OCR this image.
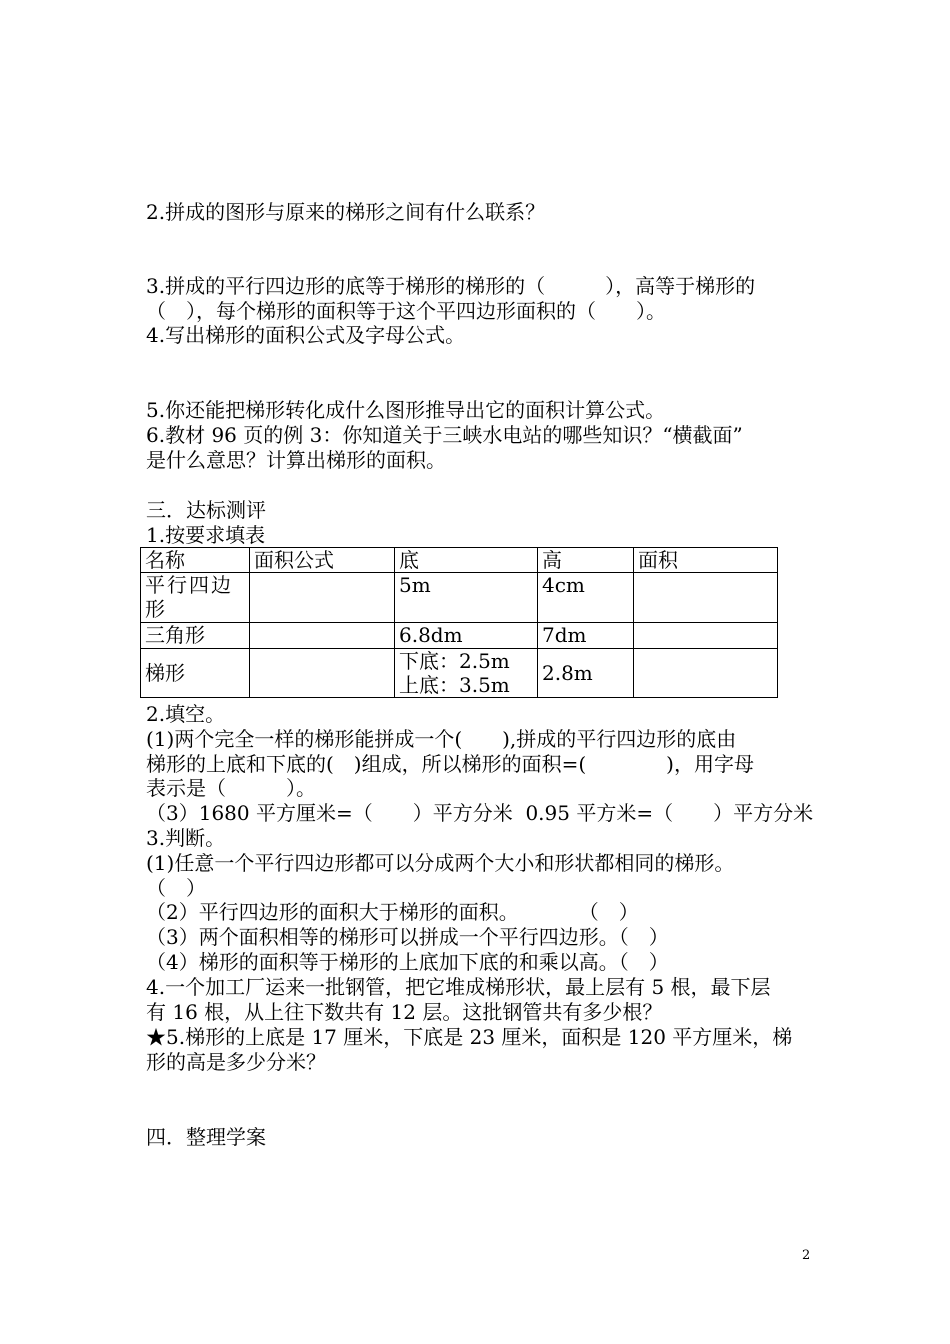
2.拼成的图形与原来的梯形之间有什么联系？
3.拼成的平行四边形的底等于梯形的梯形的（　　　），高等于梯形的
（　），每个梯形的面积等于这个平四边形面积的（　　）。
4.写出梯形的面积公式及字母公式。
5.你还能把梯形转化成什么图形推导出它的面积计算公式。
6.教材 96 页的例 3：你知道关于三峡水电站的哪些知识？“横截面”
是什么意思？计算出梯形的面积。
三．达标测评
1.按要求填表
名称	面积公式	底	高	面积

平行四边
形		5m	4cm	
三角形		6.8dm	7dm	
梯形		下底：2.5m
上底：3.5m	2.8m	
2.填空。
(1)两个完全一样的梯形能拼成一个(　　),拼成的平行四边形的底由
梯形的上底和下底的(　)组成，所以梯形的面积=(　　　　)，用字母
表示是（　　　）。
（3）1680 平方厘米=（　　）平方分米  0.95 平方米=（　　）平方分米
3.判断。
(1)任意一个平行四边形都可以分成两个大小和形状都相同的梯形。
（　）
（2）平行四边形的面积大于梯形的面积。　　　　（　）
（3）两个面积相等的梯形可以拼成一个平行四边形。（　）
（4）梯形的面积等于梯形的上底加下底的和乘以高。（　）
4.一个加工厂运来一批钢管，把它堆成梯形状，最上层有 5 根，最下层
有 16 根，从上往下数共有 12 层。这批钢管共有多少根？
★5.梯形的上底是 17 厘米，下底是 23 厘米，面积是 120 平方厘米，梯
形的高是多少分米？
四．整理学案
2
